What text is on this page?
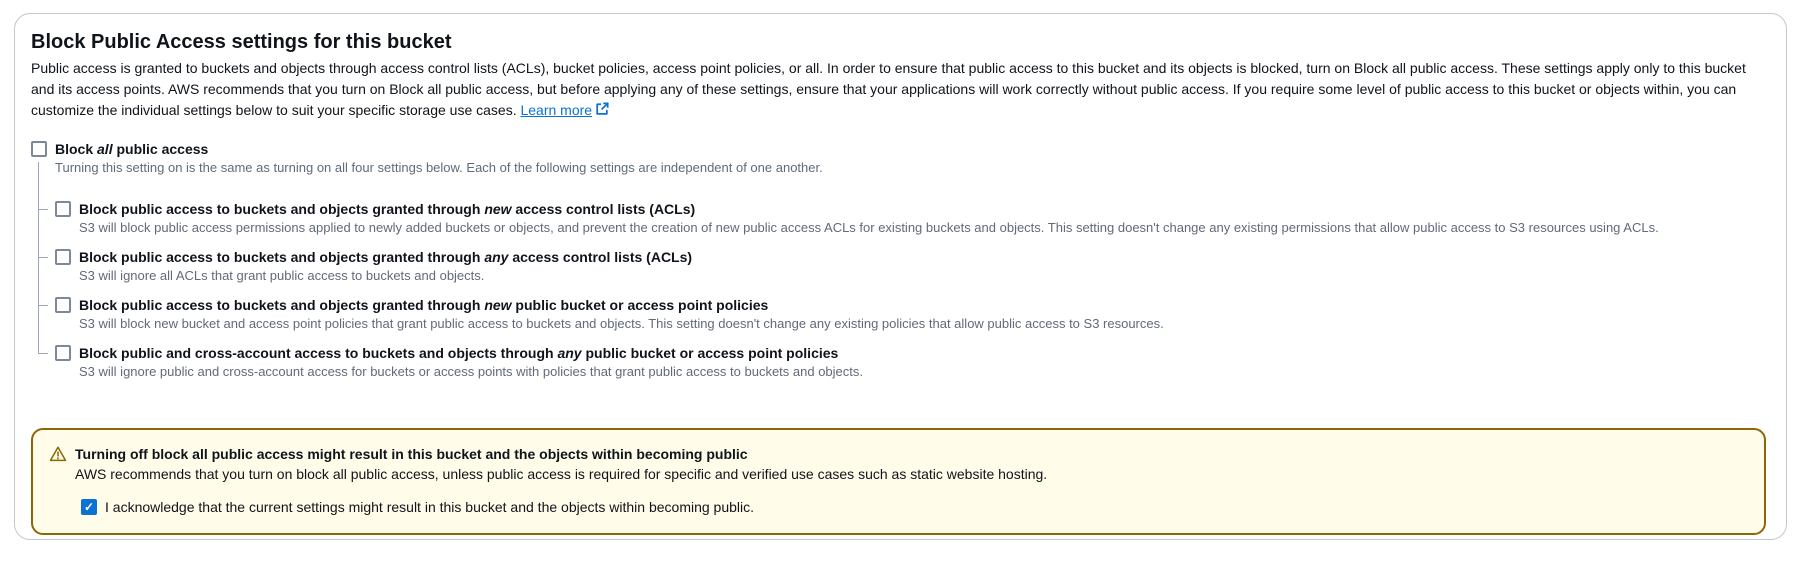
Block Public Access settings for this bucket

Public access is granted to buckets and objects through access control lists (ACLs), bucket policies, access point policies, or all. In order to ensure that public access to this bucket and its objects is blocked, turn on Block all public access. These settings apply only to this bucket and its access points. AWS recommends that you turn on Block all public access, but before applying any of these settings, ensure that your applications will work correctly without public access. If you require some level of public access to this bucket or objects within, you can customize the individual settings below to suit your specific storage use cases. Learn more

Block all public access
Turning this setting on is the same as turning on all four settings below. Each of the following settings are independent of one another.
Block public access to buckets and objects granted through new access control lists (ACLs)
S3 will block public access permissions applied to newly added buckets or objects, and prevent the creation of new public access ACLs for existing buckets and objects. This setting doesn't change any existing permissions that allow public access to S3 resources using ACLs.
Block public access to buckets and objects granted through any access control lists (ACLs)
S3 will ignore all ACLs that grant public access to buckets and objects.
Block public access to buckets and objects granted through new public bucket or access point policies
S3 will block new bucket and access point policies that grant public access to buckets and objects. This setting doesn't change any existing policies that allow public access to S3 resources.
Block public and cross-account access to buckets and objects through any public bucket or access point policies
S3 will ignore public and cross-account access for buckets or access points with policies that grant public access to buckets and objects.
Turning off block all public access might result in this bucket and the objects within becoming public
AWS recommends that you turn on block all public access, unless public access is required for specific and verified use cases such as static website hosting.
✓ I acknowledge that the current settings might result in this bucket and the objects within becoming public.
